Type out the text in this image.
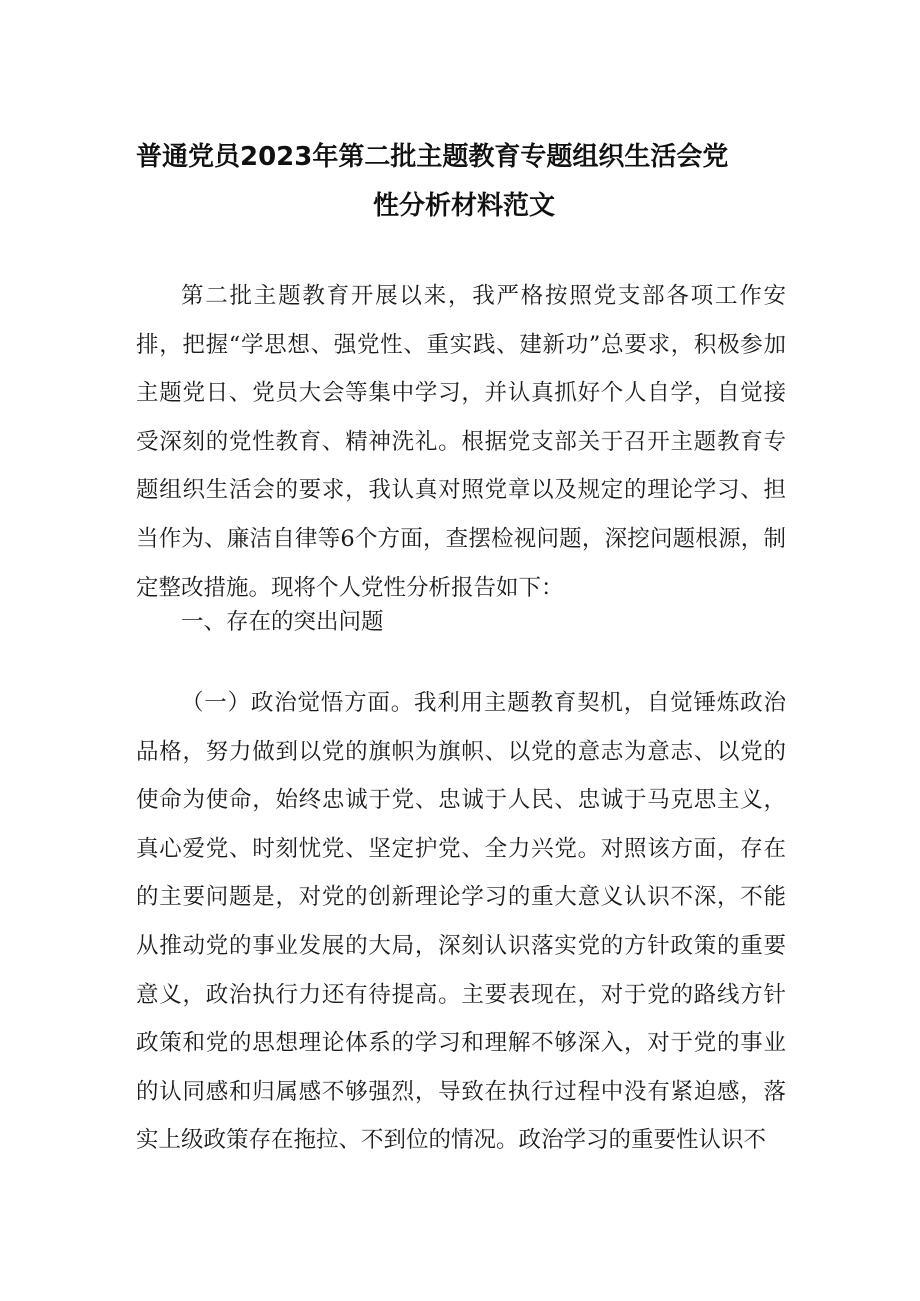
普通党员2023年第二批主题教育专题组织生活会党
性分析材料范文

第二批主题教育开展以来，我严格按照党支部各项工作安排，把握“学思想、强党性、重实践、建新功”总要求，积极参加主题党日、党员大会等集中学习，并认真抓好个人自学，自觉接受深刻的党性教育、精神洗礼。根据党支部关于召开主题教育专题组织生活会的要求，我认真对照党章以及规定的理论学习、担当作为、廉洁自律等6个方面，查摆检视问题，深挖问题根源，制定整改措施。现将个人党性分析报告如下：

一、存在的突出问题

（一）政治觉悟方面。我利用主题教育契机，自觉锤炼政治品格，努力做到以党的旗帜为旗帜、以党的意志为意志、以党的使命为使命，始终忠诚于党、忠诚于人民、忠诚于马克思主义，真心爱党、时刻忧党、坚定护党、全力兴党。对照该方面，存在的主要问题是，对党的创新理论学习的重大意义认识不深，不能从推动党的事业发展的大局，深刻认识落实党的方针政策的重要意义，政治执行力还有待提高。主要表现在，对于党的路线方针政策和党的思想理论体系的学习和理解不够深入，对于党的事业的认同感和归属感不够强烈，导致在执行过程中没有紧迫感，落实上级政策存在拖拉、不到位的情况。政治学习的重要性认识不
